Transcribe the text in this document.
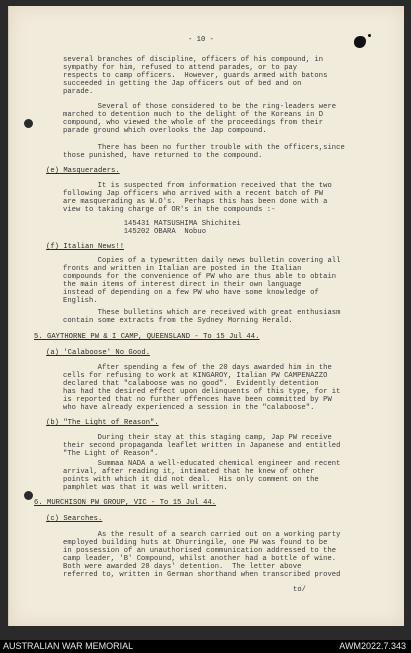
- 10 -
several branches of discipline, officers of his compound, in
sympathy for him, refused to attend parades, or to pay
respects to camp officers.  However, guards armed with batons
succeeded in getting the Jap officers out of bed and on
parade.
Several of those considered to be the ring-leaders were
marched to detention much to the delight of the Koreans in D
compound, who viewed the whole of the proceedings from their
parade ground which overlooks the Jap compound.
There has been no further trouble with the officers,since
those punished, have returned to the compound.
(e) Masqueraders.
It is suspected from information received that the two
following Jap officers who arrived with a recent batch of PW
are masquerading as W.O's.  Perhaps this has been done with a
view to taking charge of OR's in the compounds :-
145431 MATSUSHIMA Shichitei
145202 OBARA  Nobuo
(f) Italian News!!
Copies of a typewritten daily news bulletin covering all
fronts and written in Italian are posted in the Italian
compounds for the convenience of PW who are thus able to obtain
the main items of interest direct in their own language
instead of depending on a few PW who have some knowledge of
English.
These bulletins which are received with great enthusiasm
contain some extracts from the Sydney Morning Herald.
5. GAYTHORNE PW & I CAMP, QUEENSLAND - To 15 Jul 44.
(a) 'Calaboose' No Good.
After spending a few of the 20 days awarded him in the
cells for refusing to work at KINGAROY, Italian PW CAMPENAZZO
declared that "calaboose was no good".  Evidently detention
has had the desired effect upon delinquents of this type, for it
is reported that no further offences have been committed by PW
who have already experienced a session in the "calaboose".
(b) "The Light of Reason".
During their stay at this staging camp, Jap PW receive
their second propaganda leaflet written in Japanese and entitled
"The Light of Reason".
Summaa NADA a well-educated chemical engineer and recent
arrival, after reading it, intimated that he knew of other
points with which it did not deal.  His only comment on the
pamphlet was that it was well written.
6. MURCHISON PW GROUP, VIC - To 15 Jul 44.
(c) Searches.
As the result of a search carried out on a working party
employed building huts at Dhurringile, one PW was found to be
in possession of an unauthorised communication addressed to the
camp leader, 'B' Compound, whilst another had a bottle of wine.
Both were awarded 28 days' detention.  The letter above
referred to, written in German shorthand when transcribed proved
to/
AUSTRALIAN WAR MEMORIAL	AWM2022.7.343
